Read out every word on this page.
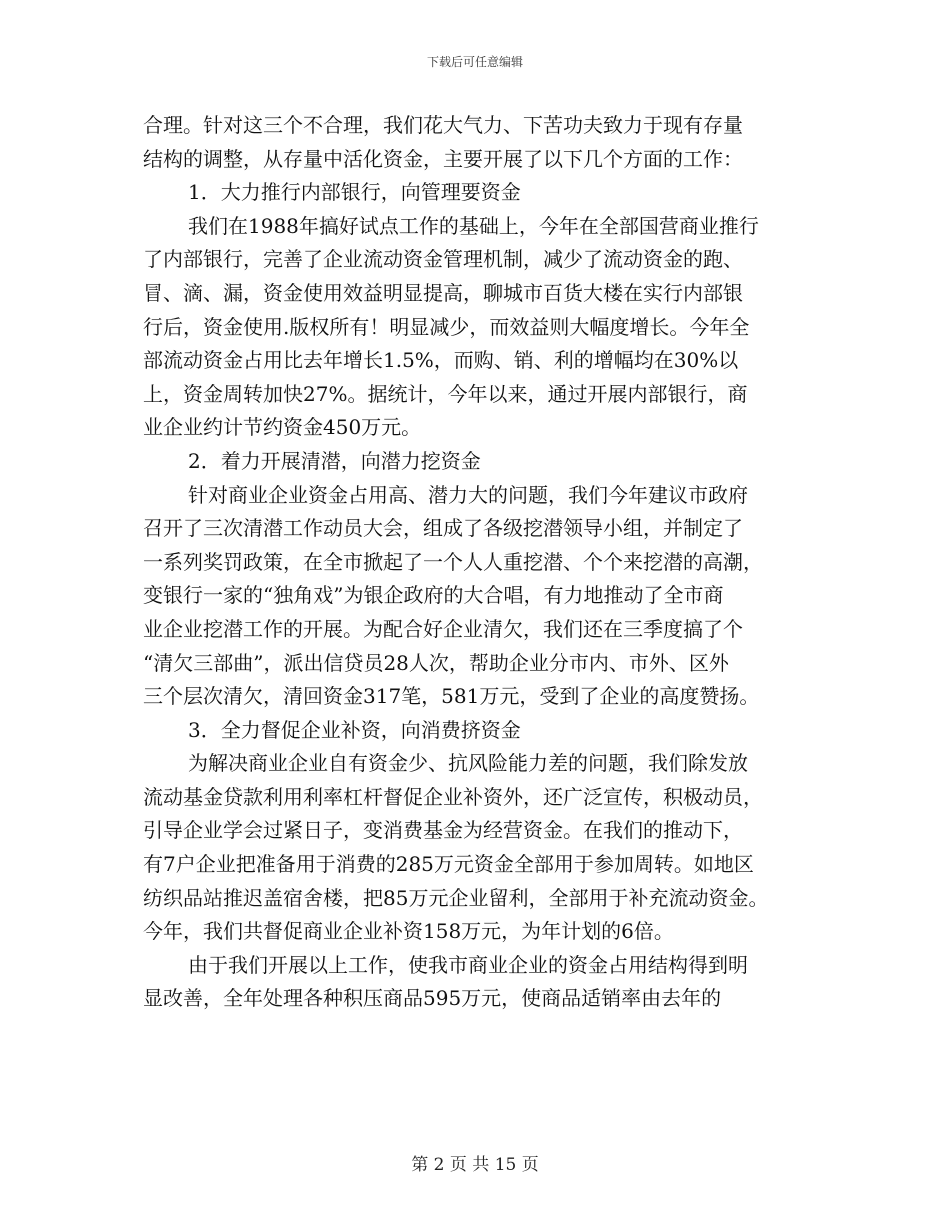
下载后可任意编辑
合理。针对这三个不合理，我们花大气力、下苦功夫致力于现有存量
结构的调整，从存量中活化资金，主要开展了以下几个方面的工作：
1．大力推行内部银行，向管理要资金
我们在1988年搞好试点工作的基础上，今年在全部国营商业推行
了内部银行，完善了企业流动资金管理机制，减少了流动资金的跑、
冒、滴、漏，资金使用效益明显提高，聊城市百货大楼在实行内部银
行后，资金使用.版权所有！明显减少，而效益则大幅度增长。今年全
部流动资金占用比去年增长1.5%，而购、销、利的增幅均在30%以
上，资金周转加快27%。据统计，今年以来，通过开展内部银行，商
业企业约计节约资金450万元。
2．着力开展清潜，向潜力挖资金
针对商业企业资金占用高、潜力大的问题，我们今年建议市政府
召开了三次清潜工作动员大会，组成了各级挖潜领导小组，并制定了
一系列奖罚政策，在全市掀起了一个人人重挖潜、个个来挖潜的高潮，
变银行一家的“独角戏”为银企政府的大合唱，有力地推动了全市商
业企业挖潜工作的开展。为配合好企业清欠，我们还在三季度搞了个
“清欠三部曲”，派出信贷员28人次，帮助企业分市内、市外、区外
三个层次清欠，清回资金317笔，581万元，受到了企业的高度赞扬。
3．全力督促企业补资，向消费挤资金
为解决商业企业自有资金少、抗风险能力差的问题，我们除发放
流动基金贷款利用利率杠杆督促企业补资外，还广泛宣传，积极动员，
引导企业学会过紧日子，变消费基金为经营资金。在我们的推动下，
有7户企业把准备用于消费的285万元资金全部用于参加周转。如地区
纺织品站推迟盖宿舍楼，把85万元企业留利，全部用于补充流动资金。
今年，我们共督促商业企业补资158万元，为年计划的6倍。
由于我们开展以上工作，使我市商业企业的资金占用结构得到明
显改善，全年处理各种积压商品595万元，使商品适销率由去年的
第 2 页 共 15 页
